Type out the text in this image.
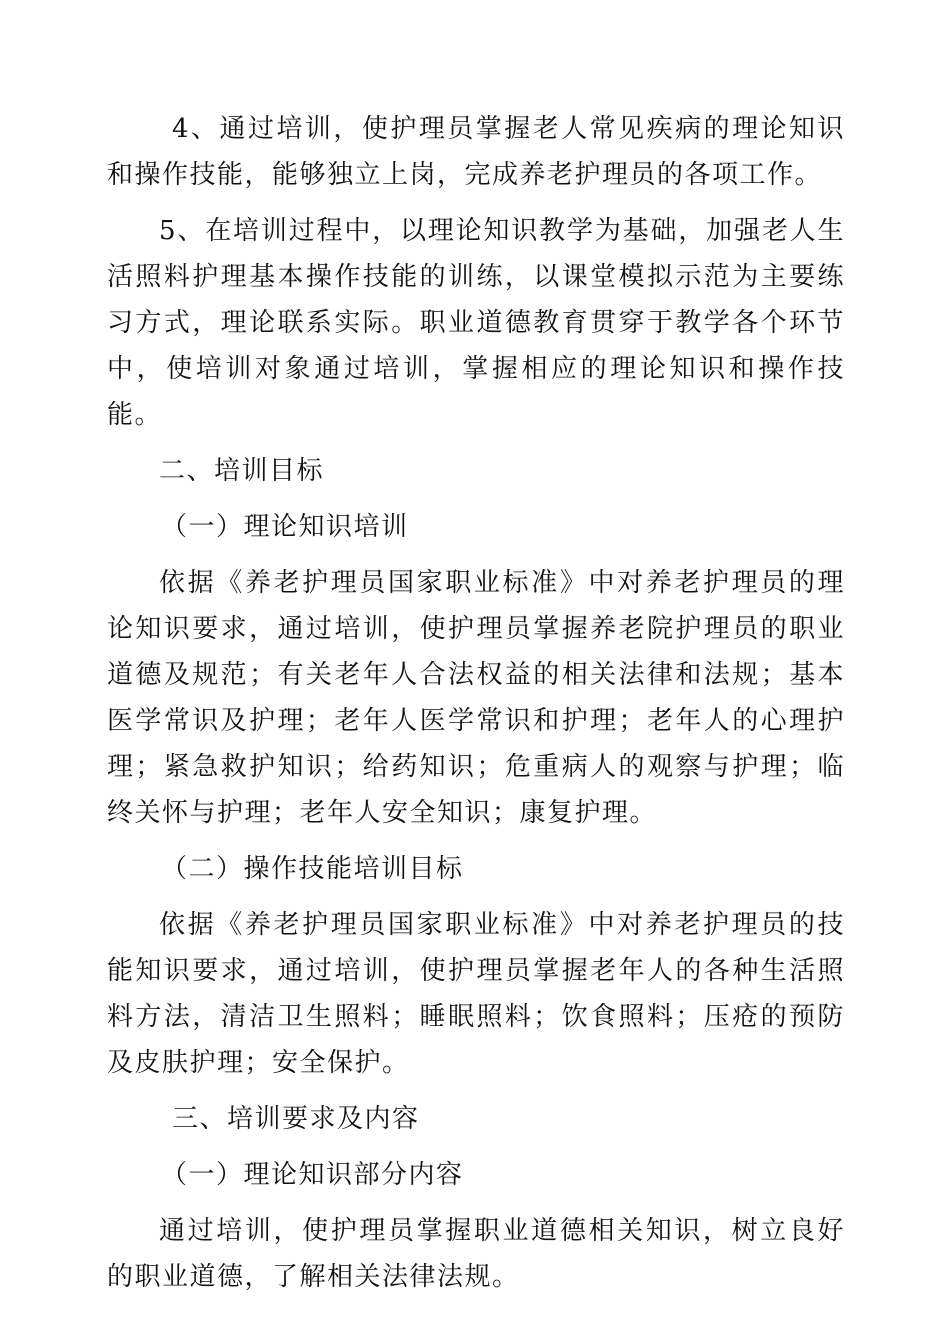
4、通过培训，使护理员掌握老人常见疾病的理论知识和操作技能，能够独立上岗，完成养老护理员的各项工作。

5、在培训过程中，以理论知识教学为基础，加强老人生活照料护理基本操作技能的训练，以课堂模拟示范为主要练习方式，理论联系实际。职业道德教育贯穿于教学各个环节中，使培训对象通过培训，掌握相应的理论知识和操作技能。

二、培训目标

（一）理论知识培训

依据《养老护理员国家职业标准》中对养老护理员的理论知识要求，通过培训，使护理员掌握养老院护理员的职业道德及规范；有关老年人合法权益的相关法律和法规；基本医学常识及护理；老年人医学常识和护理；老年人的心理护理；紧急救护知识；给药知识；危重病人的观察与护理；临终关怀与护理；老年人安全知识；康复护理。

（二）操作技能培训目标

依据《养老护理员国家职业标准》中对养老护理员的技能知识要求，通过培训，使护理员掌握老年人的各种生活照料方法，清洁卫生照料；睡眠照料；饮食照料；压疮的预防及皮肤护理；安全保护。

三、培训要求及内容

（一）理论知识部分内容

通过培训，使护理员掌握职业道德相关知识，树立良好的职业道德，了解相关法律法规。
